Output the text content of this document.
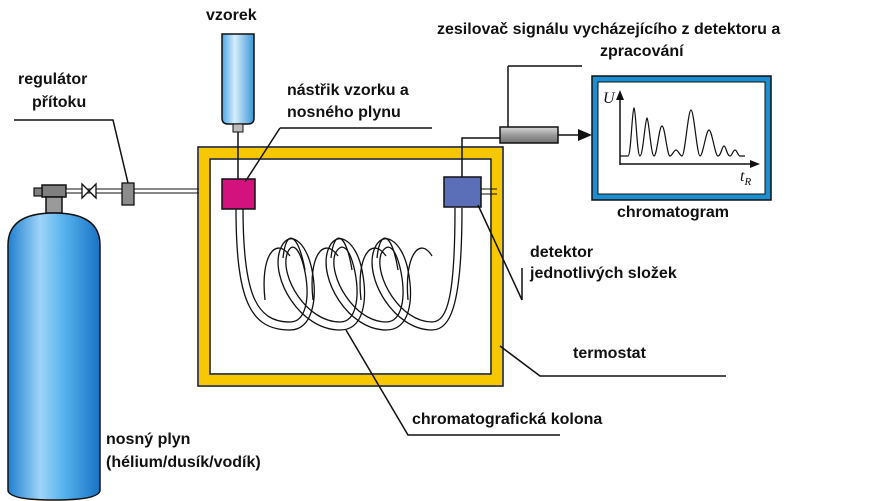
vzorek
regulátor
přítoku
nástřik vzorku a
nosného plynu
zesilovač signálu vycházejícího z detektoru a
zpracování
U
$t_R$
chromatogram
detektor
jednotlivých složek
termostat
chromatografická kolona
nosný plyn
(hélium/dusík/vodík)
